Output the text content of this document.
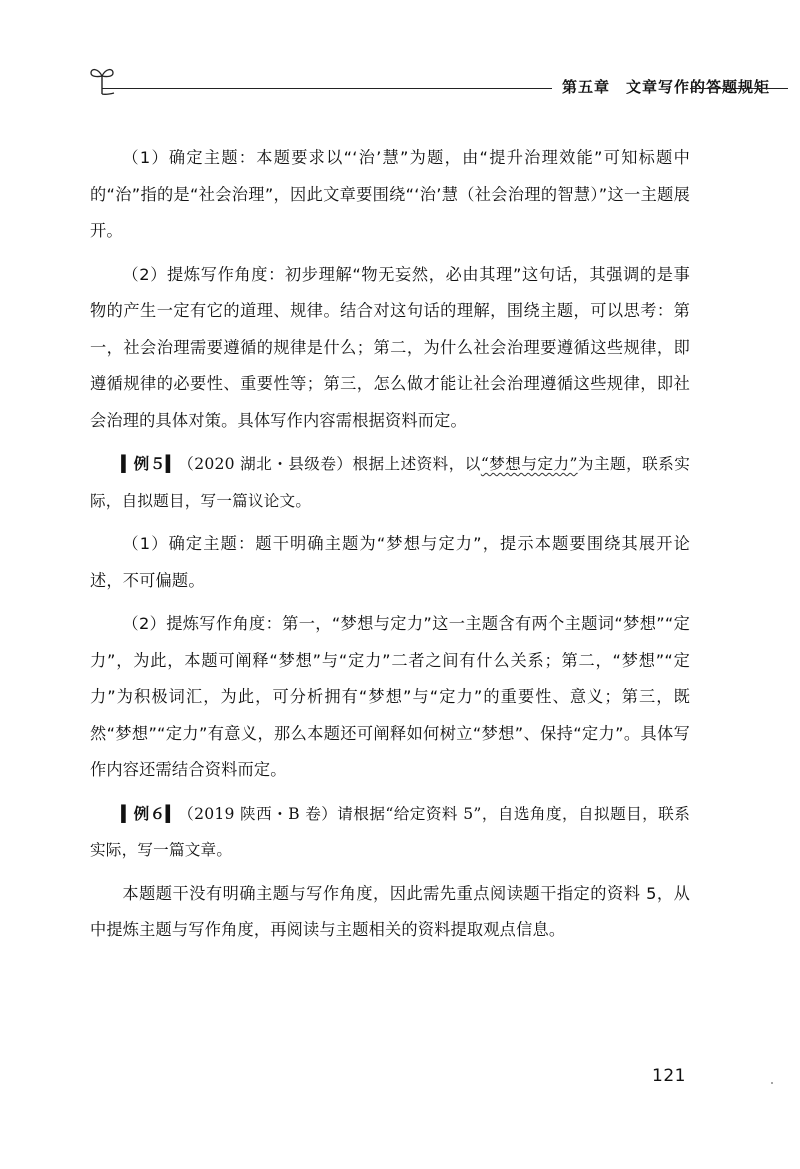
第五章　文章写作的答题规矩

（1）确定主题：本题要求以“‘治’慧”为题，由“提升治理效能”可知标题中的“治”指的是“社会治理”，因此文章要围绕“‘治’慧（社会治理的智慧）”这一主题展开。

（2）提炼写作角度：初步理解“物无妄然，必由其理”这句话，其强调的是事物的产生一定有它的道理、规律。结合对这句话的理解，围绕主题，可以思考：第一，社会治理需要遵循的规律是什么；第二，为什么社会治理要遵循这些规律，即遵循规律的必要性、重要性等；第三，怎么做才能让社会治理遵循这些规律，即社会治理的具体对策。具体写作内容需根据资料而定。

▍例５▍（2020 湖北・县级卷）根据上述资料，以“梦想与定力”为主题，联系实际，自拟题目，写一篇议论文。

（1）确定主题：题干明确主题为“梦想与定力”，提示本题要围绕其展开论述，不可偏题。

（2）提炼写作角度：第一，“梦想与定力”这一主题含有两个主题词“梦想”“定力”，为此，本题可阐释“梦想”与“定力”二者之间有什么关系；第二，“梦想”“定力”为积极词汇，为此，可分析拥有“梦想”与“定力”的重要性、意义；第三，既然“梦想”“定力”有意义，那么本题还可阐释如何树立“梦想”、保持“定力”。具体写作内容还需结合资料而定。

▍例６▍（2019 陕西・B 卷）请根据“给定资料 5”，自选角度，自拟题目，联系实际，写一篇文章。

本题题干没有明确主题与写作角度，因此需先重点阅读题干指定的资料 5，从中提炼主题与写作角度，再阅读与主题相关的资料提取观点信息。

121
